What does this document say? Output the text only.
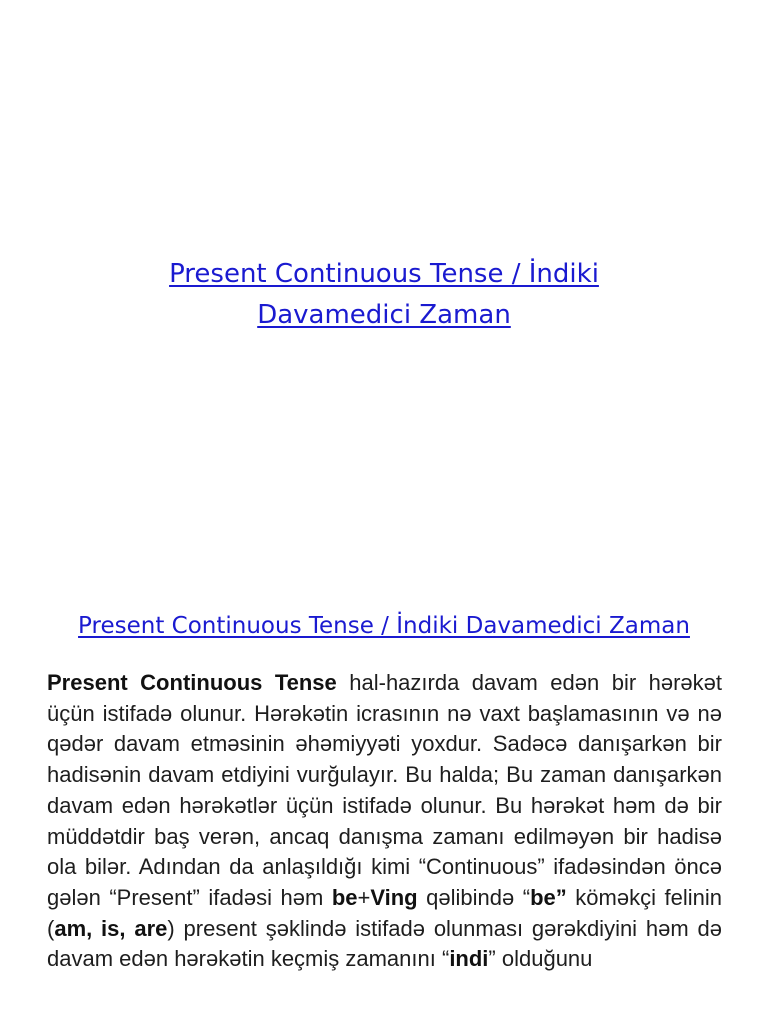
Present Continuous Tense / İndiki
Davamedici Zaman
Present Continuous Tense / İndiki Davamedici Zaman
Present Continuous Tense hal-hazırda davam edən bir hərəkət üçün istifadə olunur. Hərəkətin icrasının nə vaxt başlamasının və nə qədər davam etməsinin əhəmiyyəti yoxdur. Sadəcə danışarkən bir hadisənin davam etdiyini vurğulayır. Bu halda; Bu zaman danışarkən davam edən hərəkətlər üçün istifadə olunur. Bu hərəkət həm də bir müddətdir baş verən, ancaq danışma zamanı edilməyən bir hadisə ola bilər. Adından da anlaşıldığı kimi “Continuous” ifadəsindən öncə gələn “Present” ifadəsi həm be+Ving qəlibində “be” köməkçi felinin (am, is, are) present şəklində istifadə olunması gərəkdiyini həm də davam edən hərəkətin keçmiş zamanını “indi” olduğunu
